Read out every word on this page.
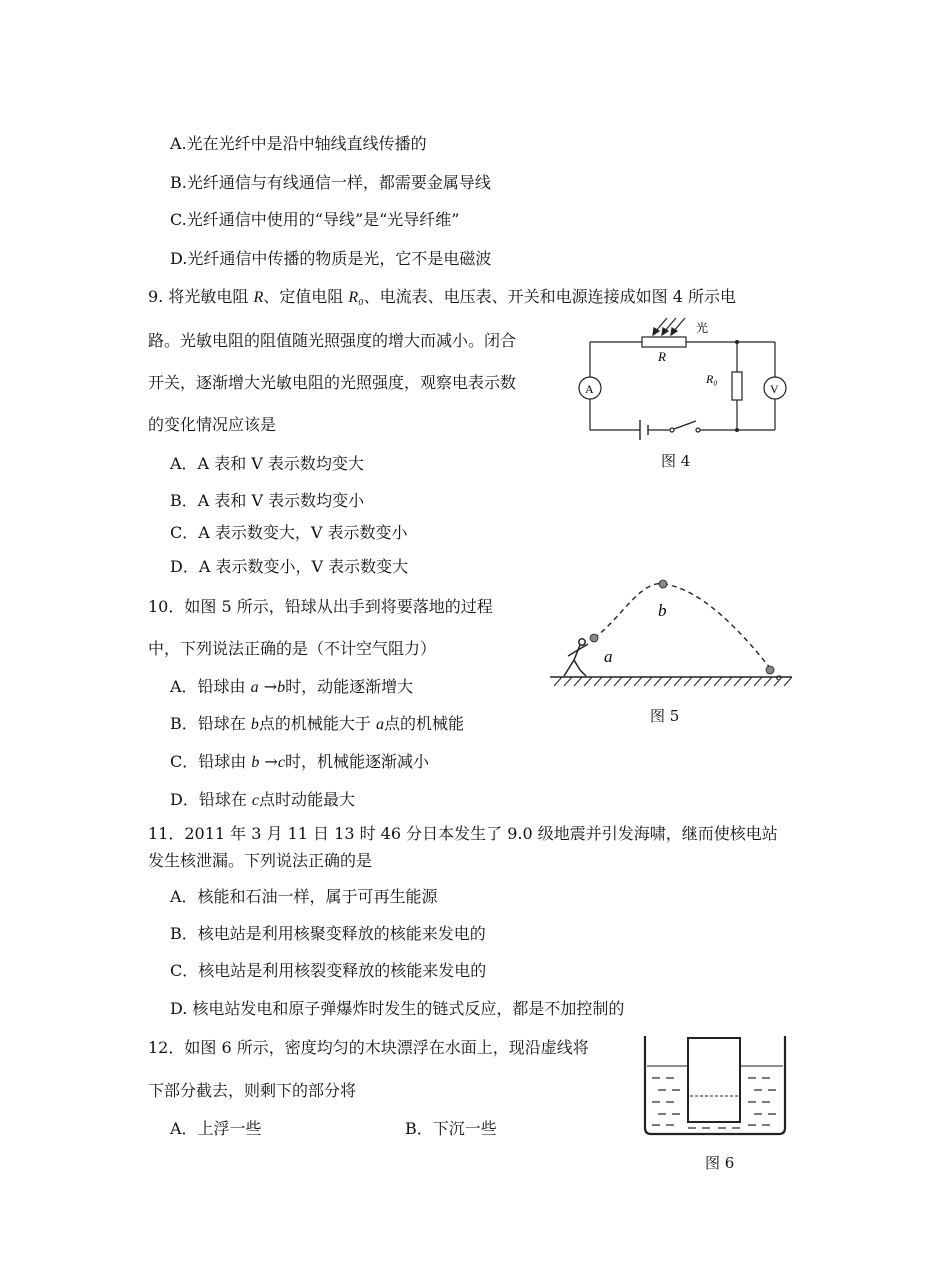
A.光在光纤中是沿中轴线直线传播的
B.光纤通信与有线通信一样，都需要金属导线
C.光纤通信中使用的“导线”是“光导纤维”
D.光纤通信中传播的物质是光，它不是电磁波
9. 将光敏电阻 R、定值电阻 R₀、电流表、电压表、开关和电源连接成如图 4 所示电
路。光敏电阻的阻值随光照强度的增大而减小。闭合
开关，逐渐增大光敏电阻的光照强度，观察电表示数
的变化情况应该是
A．A 表和 V 表示数均变大
B．A 表和 V 表示数均变小
C．A 表示数变大，V 表示数变小
D．A 表示数变小，V 表示数变大
光
R
R₀
A	V
图 4
10．如图 5 所示，铅球从出手到将要落地的过程
中，下列说法正确的是（不计空气阻力）
A．铅球由 a →b时，动能逐渐增大
B．铅球在 b点的机械能大于 a点的机械能
C．铅球由 b →c时，机械能逐渐减小
D．铅球在 c点时动能最大
a
b
c
图 5
11．2011 年 3 月 11 日 13 时 46 分日本发生了 9.0 级地震并引发海啸，继而使核电站
发生核泄漏。下列说法正确的是
A．核能和石油一样，属于可再生能源
B．核电站是利用核聚变释放的核能来发电的
C．核电站是利用核裂变释放的核能来发电的
D. 核电站发电和原子弹爆炸时发生的链式反应，都是不加控制的
12．如图 6 所示，密度均匀的木块漂浮在水面上，现沿虚线将
下部分截去，则剩下的部分将
A．上浮一些	B．下沉一些
图 6
